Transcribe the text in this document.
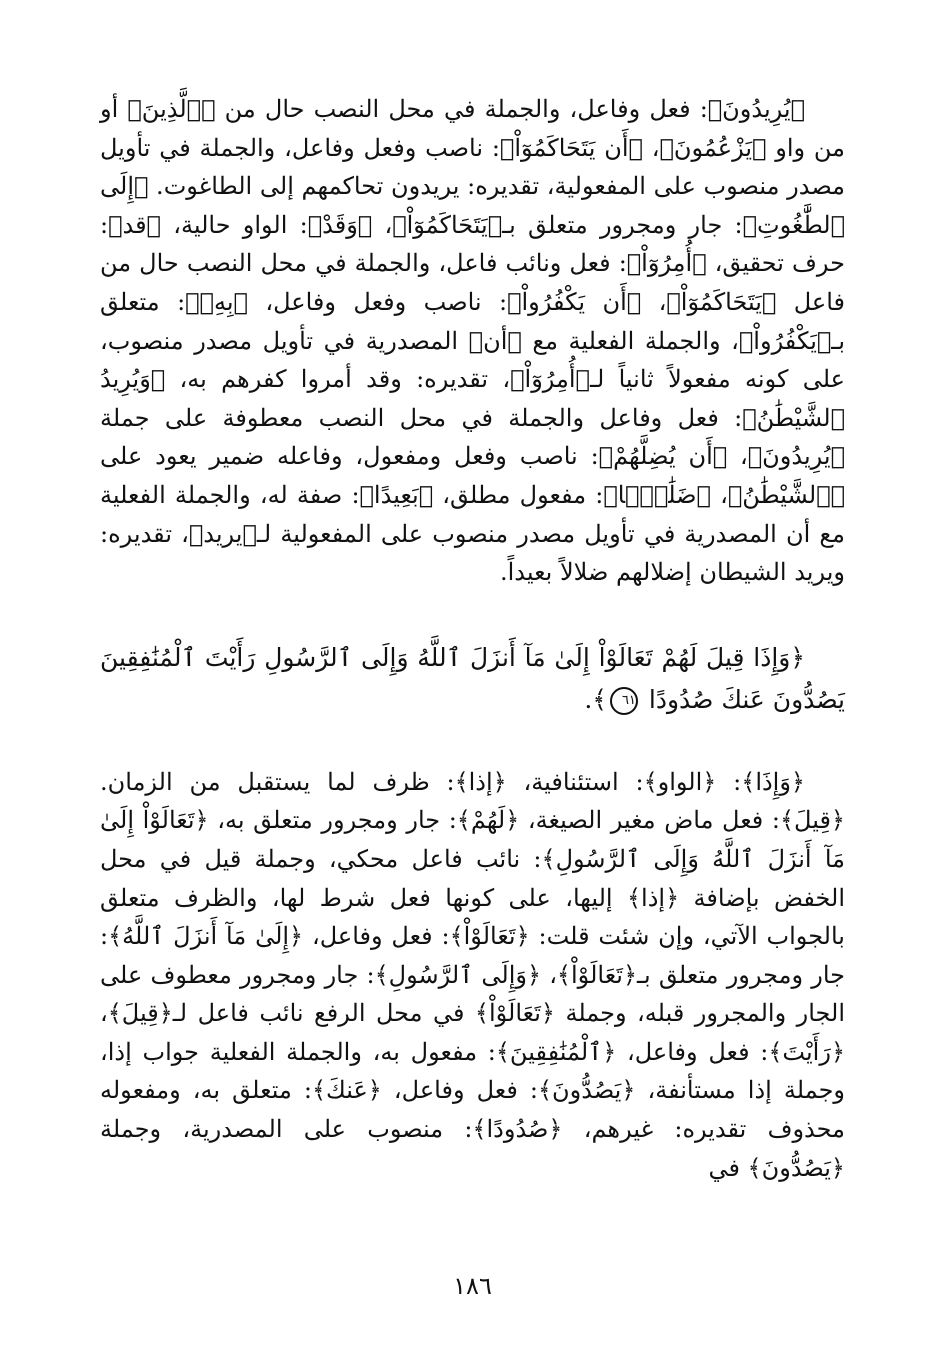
﴿يُرِيدُونَ﴾: فعل وفاعل، والجملة في محل النصب حال من ﴿ٱلَّذِينَ﴾ أو من واو ﴿يَزْعُمُونَ﴾، ﴿أَن يَتَحَاكَمُوٓاْ﴾: ناصب وفعل وفاعل، والجملة في تأويل مصدر منصوب على المفعولية، تقديره: يريدون تحاكمهم إلى الطاغوت. ﴿إِلَى ٱلطَّٰغُوتِ﴾: جار ومجرور متعلق بـ﴿يَتَحَاكَمُوٓاْ﴾، ﴿وَقَدْ﴾: الواو حالية، ﴿قد﴾: حرف تحقيق، ﴿أُمِرُوٓاْ﴾: فعل ونائب فاعل، والجملة في محل النصب حال من فاعل ﴿يَتَحَاكَمُوٓاْ﴾، ﴿أَن يَكْفُرُواْ﴾: ناصب وفعل وفاعل، ﴿بِهِۦ﴾: متعلق بـ﴿يَكْفُرُواْ﴾، والجملة الفعلية مع ﴿أن﴾ المصدرية في تأويل مصدر منصوب، على كونه مفعولاً ثانياً لـ﴿أُمِرُوٓاْ﴾، تقديره: وقد أمروا كفرهم به، ﴿وَيُرِيدُ ٱلشَّيْطَٰنُ﴾: فعل وفاعل والجملة في محل النصب معطوفة على جملة ﴿يُرِيدُونَ﴾، ﴿أَن يُضِلَّهُمْ﴾: ناصب وفعل ومفعول، وفاعله ضمير يعود على ﴿ٱلشَّيْطَٰنُ﴾، ﴿ضَلَٰلَۢا﴾: مفعول مطلق، ﴿بَعِيدًا﴾: صفة له، والجملة الفعلية مع أن المصدرية في تأويل مصدر منصوب على المفعولية لـ﴿يريد﴾، تقديره: ويريد الشيطان إضلالهم ضلالاً بعيداً.

﴿وَإِذَا قِيلَ لَهُمْ تَعَالَوْاْ إِلَىٰ مَآ أَنزَلَ ٱللَّهُ وَإِلَى ٱلرَّسُولِ رَأَيْتَ ٱلْمُنَٰفِقِينَ يَصُدُّونَ عَنكَ صُدُودًا ٦١﴾.

﴿وَإِذَا﴾: ﴿الواو﴾: استئنافية، ﴿إذا﴾: ظرف لما يستقبل من الزمان. ﴿قِيلَ﴾: فعل ماض مغير الصيغة، ﴿لَهُمْ﴾: جار ومجرور متعلق به، ﴿تَعَالَوْاْ إِلَىٰ مَآ أَنزَلَ ٱللَّهُ وَإِلَى ٱلرَّسُولِ﴾: نائب فاعل محكي، وجملة قيل في محل الخفض بإضافة ﴿إذا﴾ إليها، على كونها فعل شرط لها، والظرف متعلق بالجواب الآتي، وإن شئت قلت: ﴿تَعَالَوْاْ﴾: فعل وفاعل، ﴿إِلَىٰ مَآ أَنزَلَ ٱللَّهُ﴾: جار ومجرور متعلق بـ﴿تَعَالَوْاْ﴾، ﴿وَإِلَى ٱلرَّسُولِ﴾: جار ومجرور معطوف على الجار والمجرور قبله، وجملة ﴿تَعَالَوْاْ﴾ في محل الرفع نائب فاعل لـ﴿قِيلَ﴾، ﴿رَأَيْتَ﴾: فعل وفاعل، ﴿ٱلْمُنَٰفِقِينَ﴾: مفعول به، والجملة الفعلية جواب إذا، وجملة إذا مستأنفة، ﴿يَصُدُّونَ﴾: فعل وفاعل، ﴿عَنكَ﴾: متعلق به، ومفعوله محذوف تقديره: غيرهم، ﴿صُدُودًا﴾: منصوب على المصدرية، وجملة ﴿يَصُدُّونَ﴾ في

١٨٦
